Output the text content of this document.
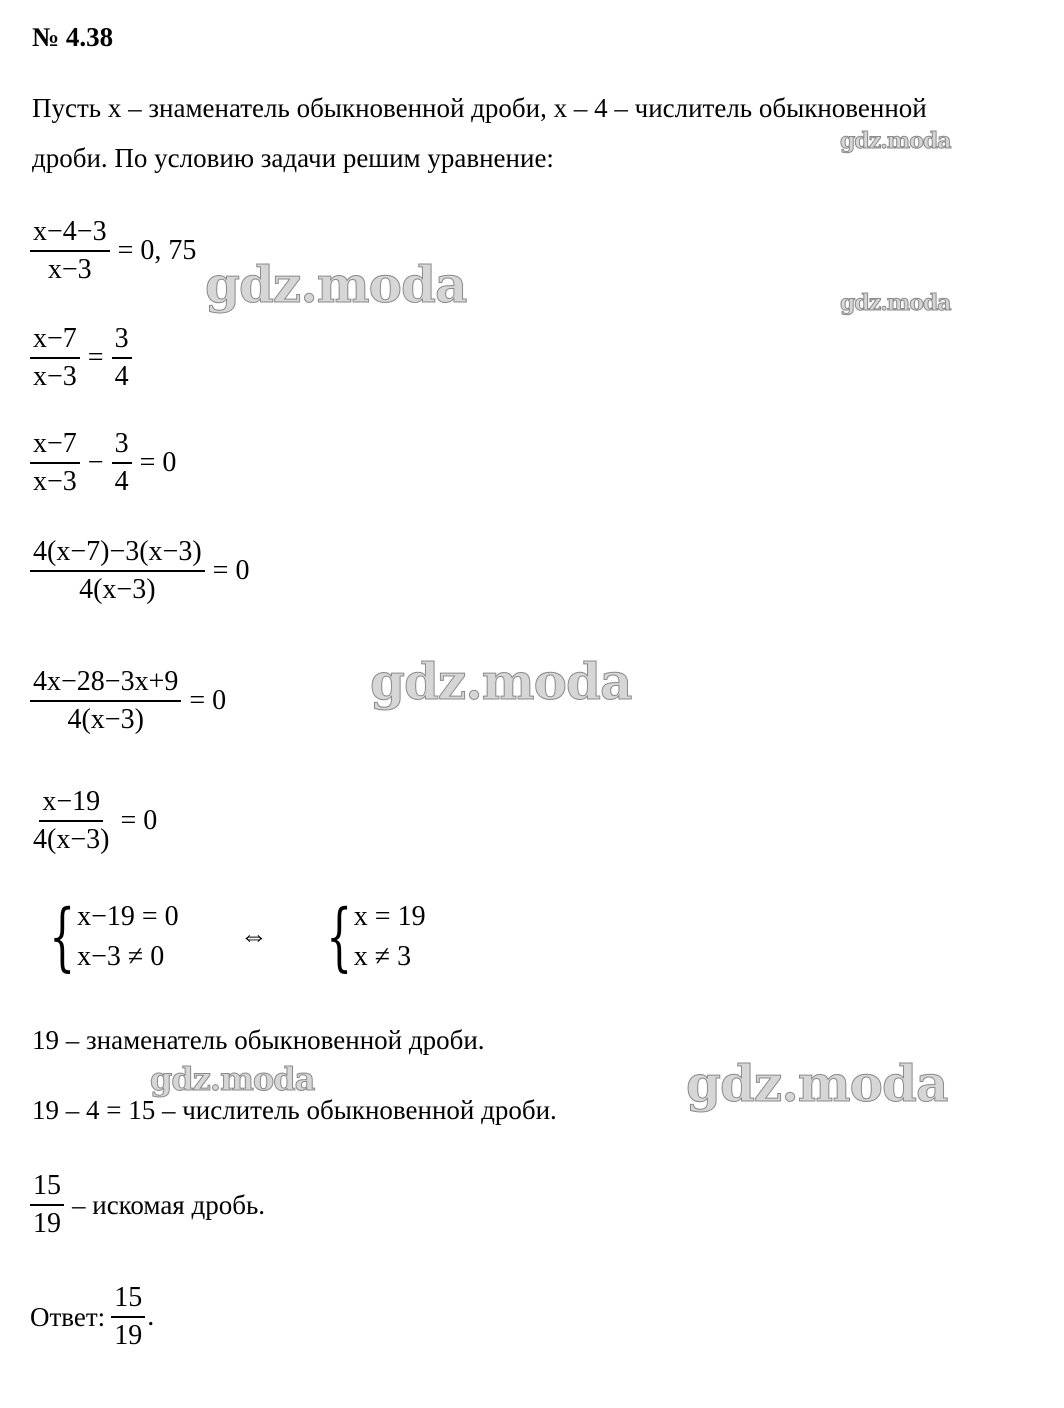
№ 4.38
Пусть x – знаменатель обыкновенной дроби, x – 4 – числитель обыкновенной
дроби. По условию задачи решим уравнение:
$\frac{x-4-3}{x-3} = 0$, 75
$\frac{x-7}{x-3} = \frac{3}{4}$
$\frac{x-7}{x-3} - \frac{3}{4} = 0$
$\frac{4(x-7)-3(x-3)}{4(x-3)} = 0$
$\frac{4x-28-3x+9}{4(x-3)} = 0$
$\frac{x-19}{4(x-3)} = 0$
{ x−19 = 0
x−3 ≠ 0
⇔ { x = 19
x ≠ 3
19 – знаменатель обыкновенной дроби.
19 – 4 = 15 – числитель обыкновенной дроби.
$\frac{15}{19}$ – искомая дробь.
Ответ: $\frac{15}{19}$ .
gdz.moda
gdz.moda	gdz.moda
gdz.moda
gdz.moda	gdz.moda
